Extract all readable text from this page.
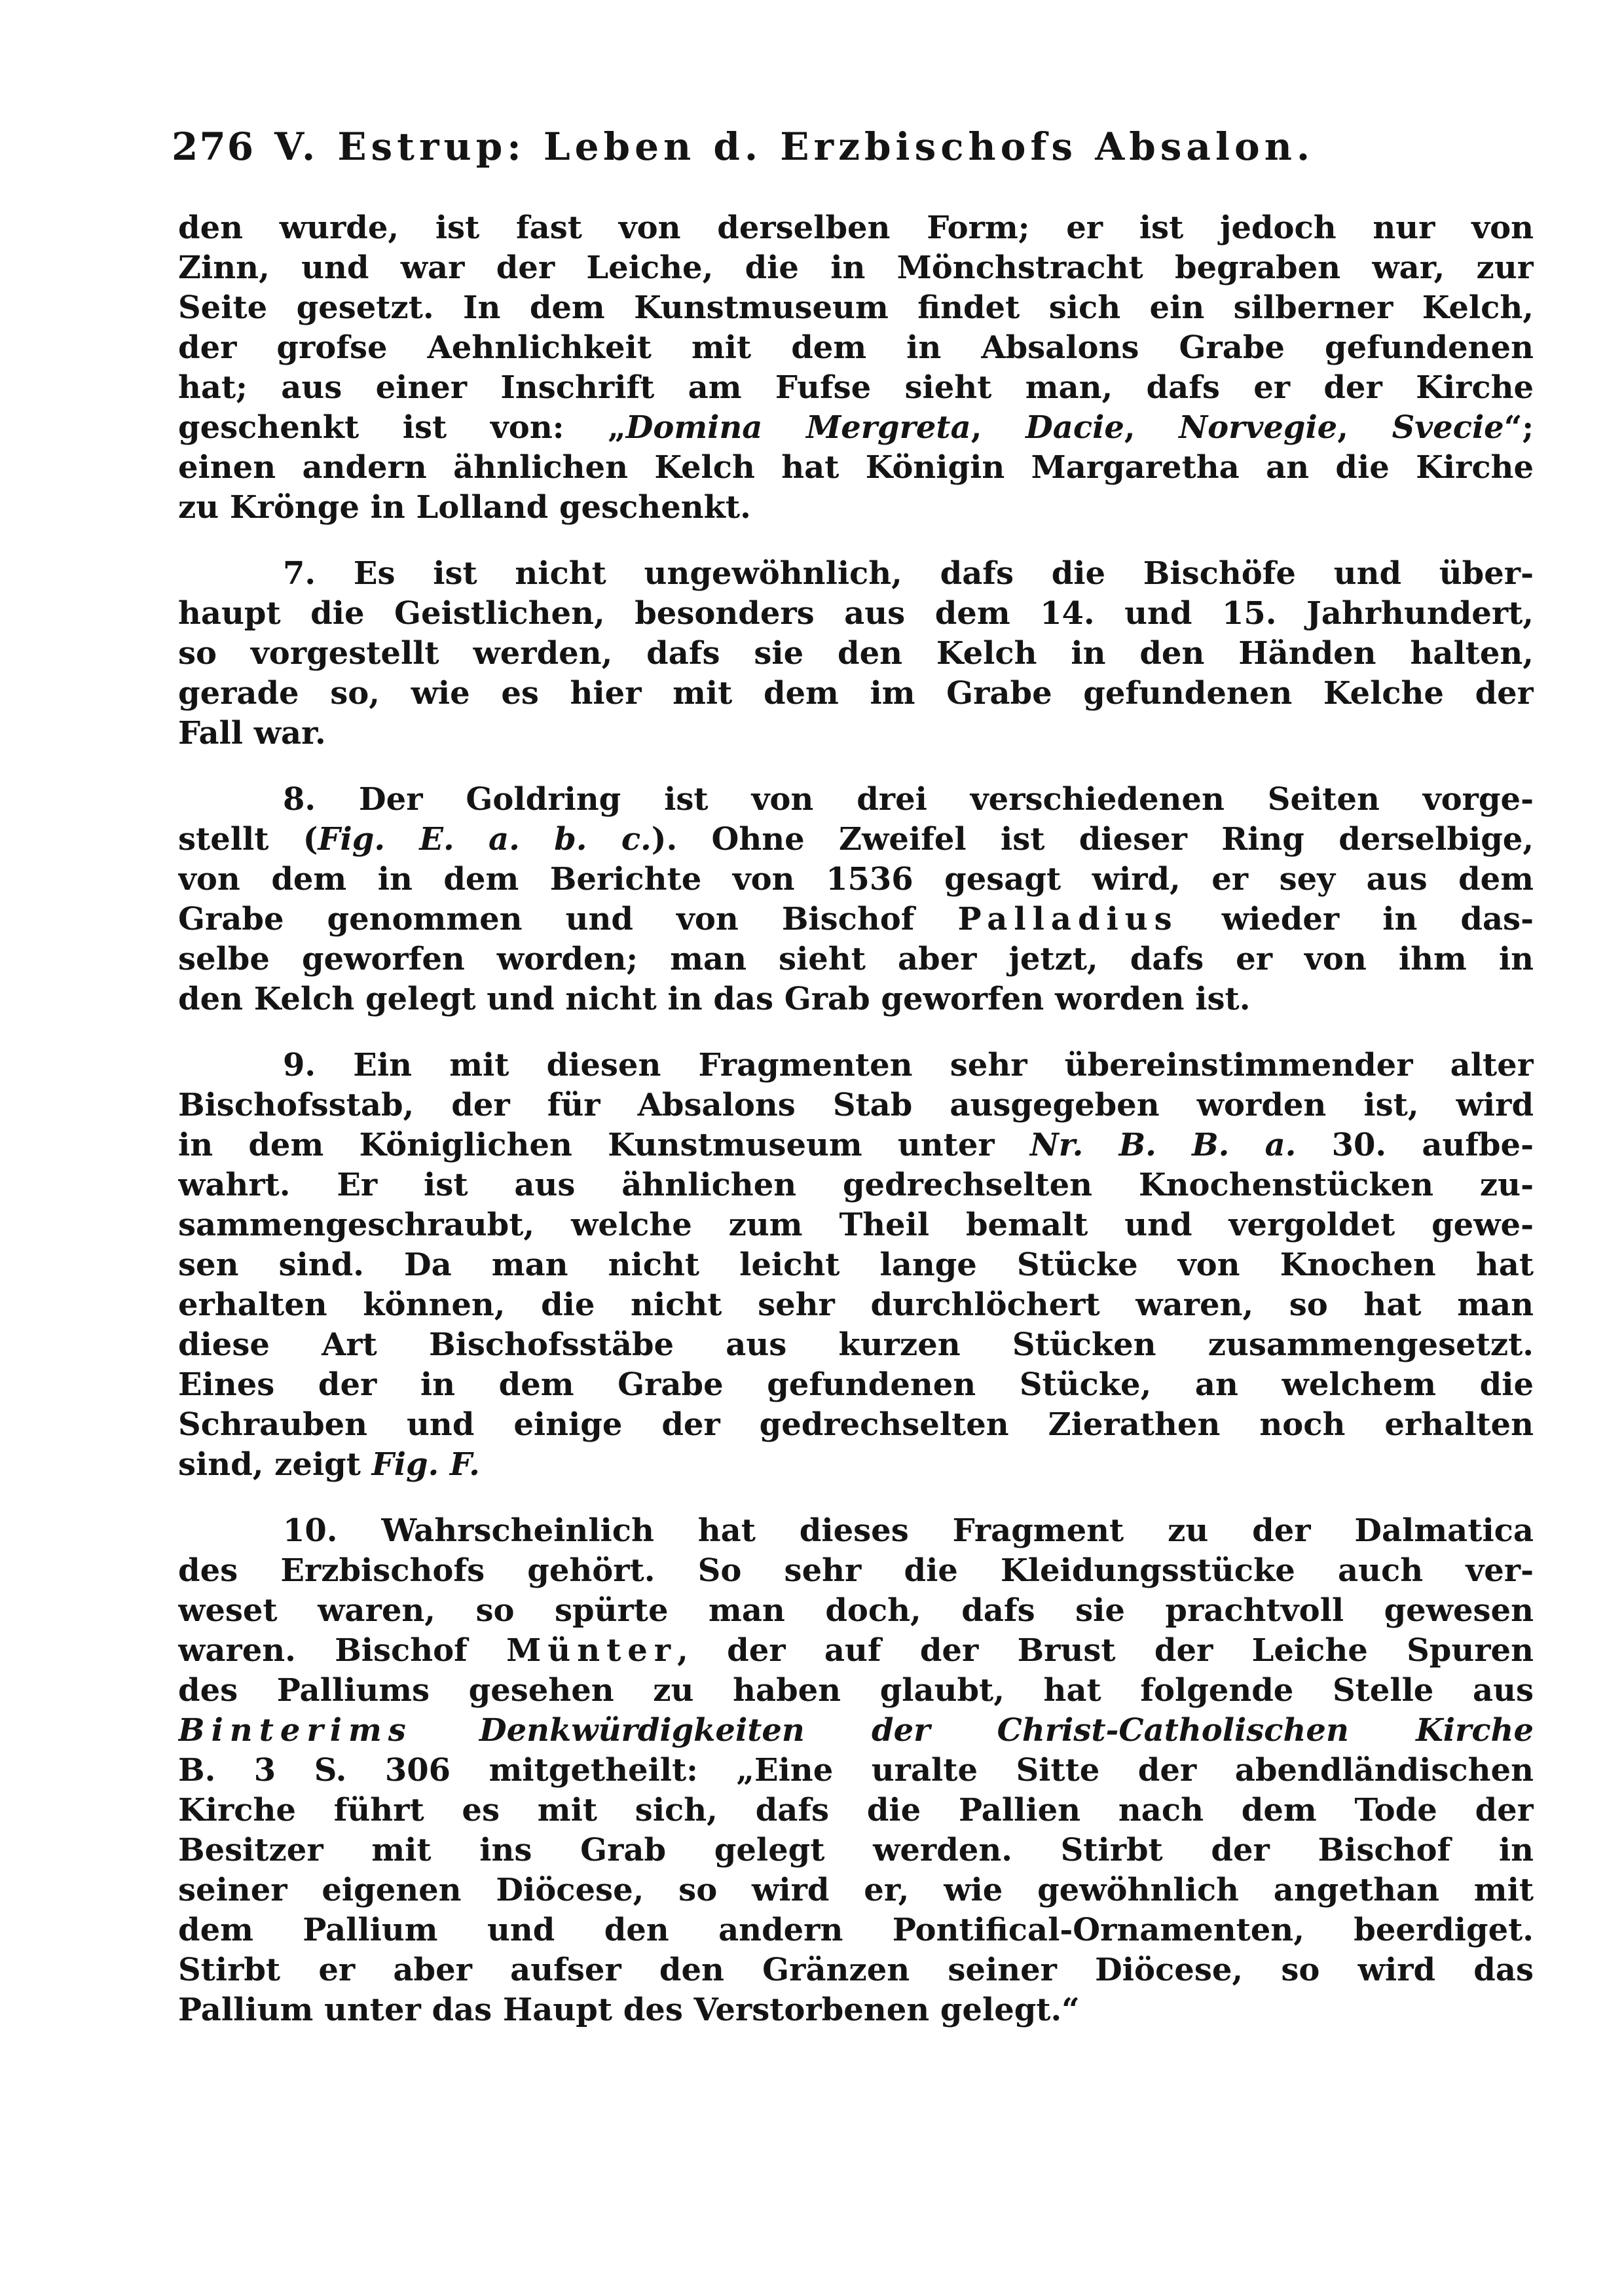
276 V. Estrup: Leben d. Erzbischofs Absalon.
den wurde, ist fast von derselben Form; er ist jedoch nur von
Zinn, und war der Leiche, die in Mönchstracht begraben war, zur
Seite gesetzt. In dem Kunstmuseum findet sich ein silberner Kelch,
der grofse Aehnlichkeit mit dem in Absalons Grabe gefundenen
hat; aus einer Inschrift am Fufse sieht man, dafs er der Kirche
geschenkt ist von: „Domina Mergreta, Dacie, Norvegie, Svecie“;
einen andern ähnlichen Kelch hat Königin Margaretha an die Kirche
zu Krönge in Lolland geschenkt.
7. Es ist nicht ungewöhnlich, dafs die Bischöfe und über-
haupt die Geistlichen, besonders aus dem 14. und 15. Jahrhundert,
so vorgestellt werden, dafs sie den Kelch in den Händen halten,
gerade so, wie es hier mit dem im Grabe gefundenen Kelche der
Fall war.
8. Der Goldring ist von drei verschiedenen Seiten vorge-
stellt (Fig. E. a. b. c.). Ohne Zweifel ist dieser Ring derselbige,
von dem in dem Berichte von 1536 gesagt wird, er sey aus dem
Grabe genommen und von Bischof Palladius wieder in das-
selbe geworfen worden; man sieht aber jetzt, dafs er von ihm in
den Kelch gelegt und nicht in das Grab geworfen worden ist.
9. Ein mit diesen Fragmenten sehr übereinstimmender alter
Bischofsstab, der für Absalons Stab ausgegeben worden ist, wird
in dem Königlichen Kunstmuseum unter Nr. B. B. a. 30. aufbe-
wahrt. Er ist aus ähnlichen gedrechselten Knochenstücken zu-
sammengeschraubt, welche zum Theil bemalt und vergoldet gewe-
sen sind. Da man nicht leicht lange Stücke von Knochen hat
erhalten können, die nicht sehr durchlöchert waren, so hat man
diese Art Bischofsstäbe aus kurzen Stücken zusammengesetzt.
Eines der in dem Grabe gefundenen Stücke, an welchem die
Schrauben und einige der gedrechselten Zierathen noch erhalten
sind, zeigt Fig. F.
10. Wahrscheinlich hat dieses Fragment zu der Dalmatica
des Erzbischofs gehört. So sehr die Kleidungsstücke auch ver-
weset waren, so spürte man doch, dafs sie prachtvoll gewesen
waren. Bischof Münter, der auf der Brust der Leiche Spuren
des Palliums gesehen zu haben glaubt, hat folgende Stelle aus
Binterims Denkwürdigkeiten der Christ-Catholischen Kirche
B. 3 S. 306 mitgetheilt: „Eine uralte Sitte der abendländischen
Kirche führt es mit sich, dafs die Pallien nach dem Tode der
Besitzer mit ins Grab gelegt werden. Stirbt der Bischof in
seiner eigenen Diöcese, so wird er, wie gewöhnlich angethan mit
dem Pallium und den andern Pontifical-Ornamenten, beerdiget.
Stirbt er aber aufser den Gränzen seiner Diöcese, so wird das
Pallium unter das Haupt des Verstorbenen gelegt.“
